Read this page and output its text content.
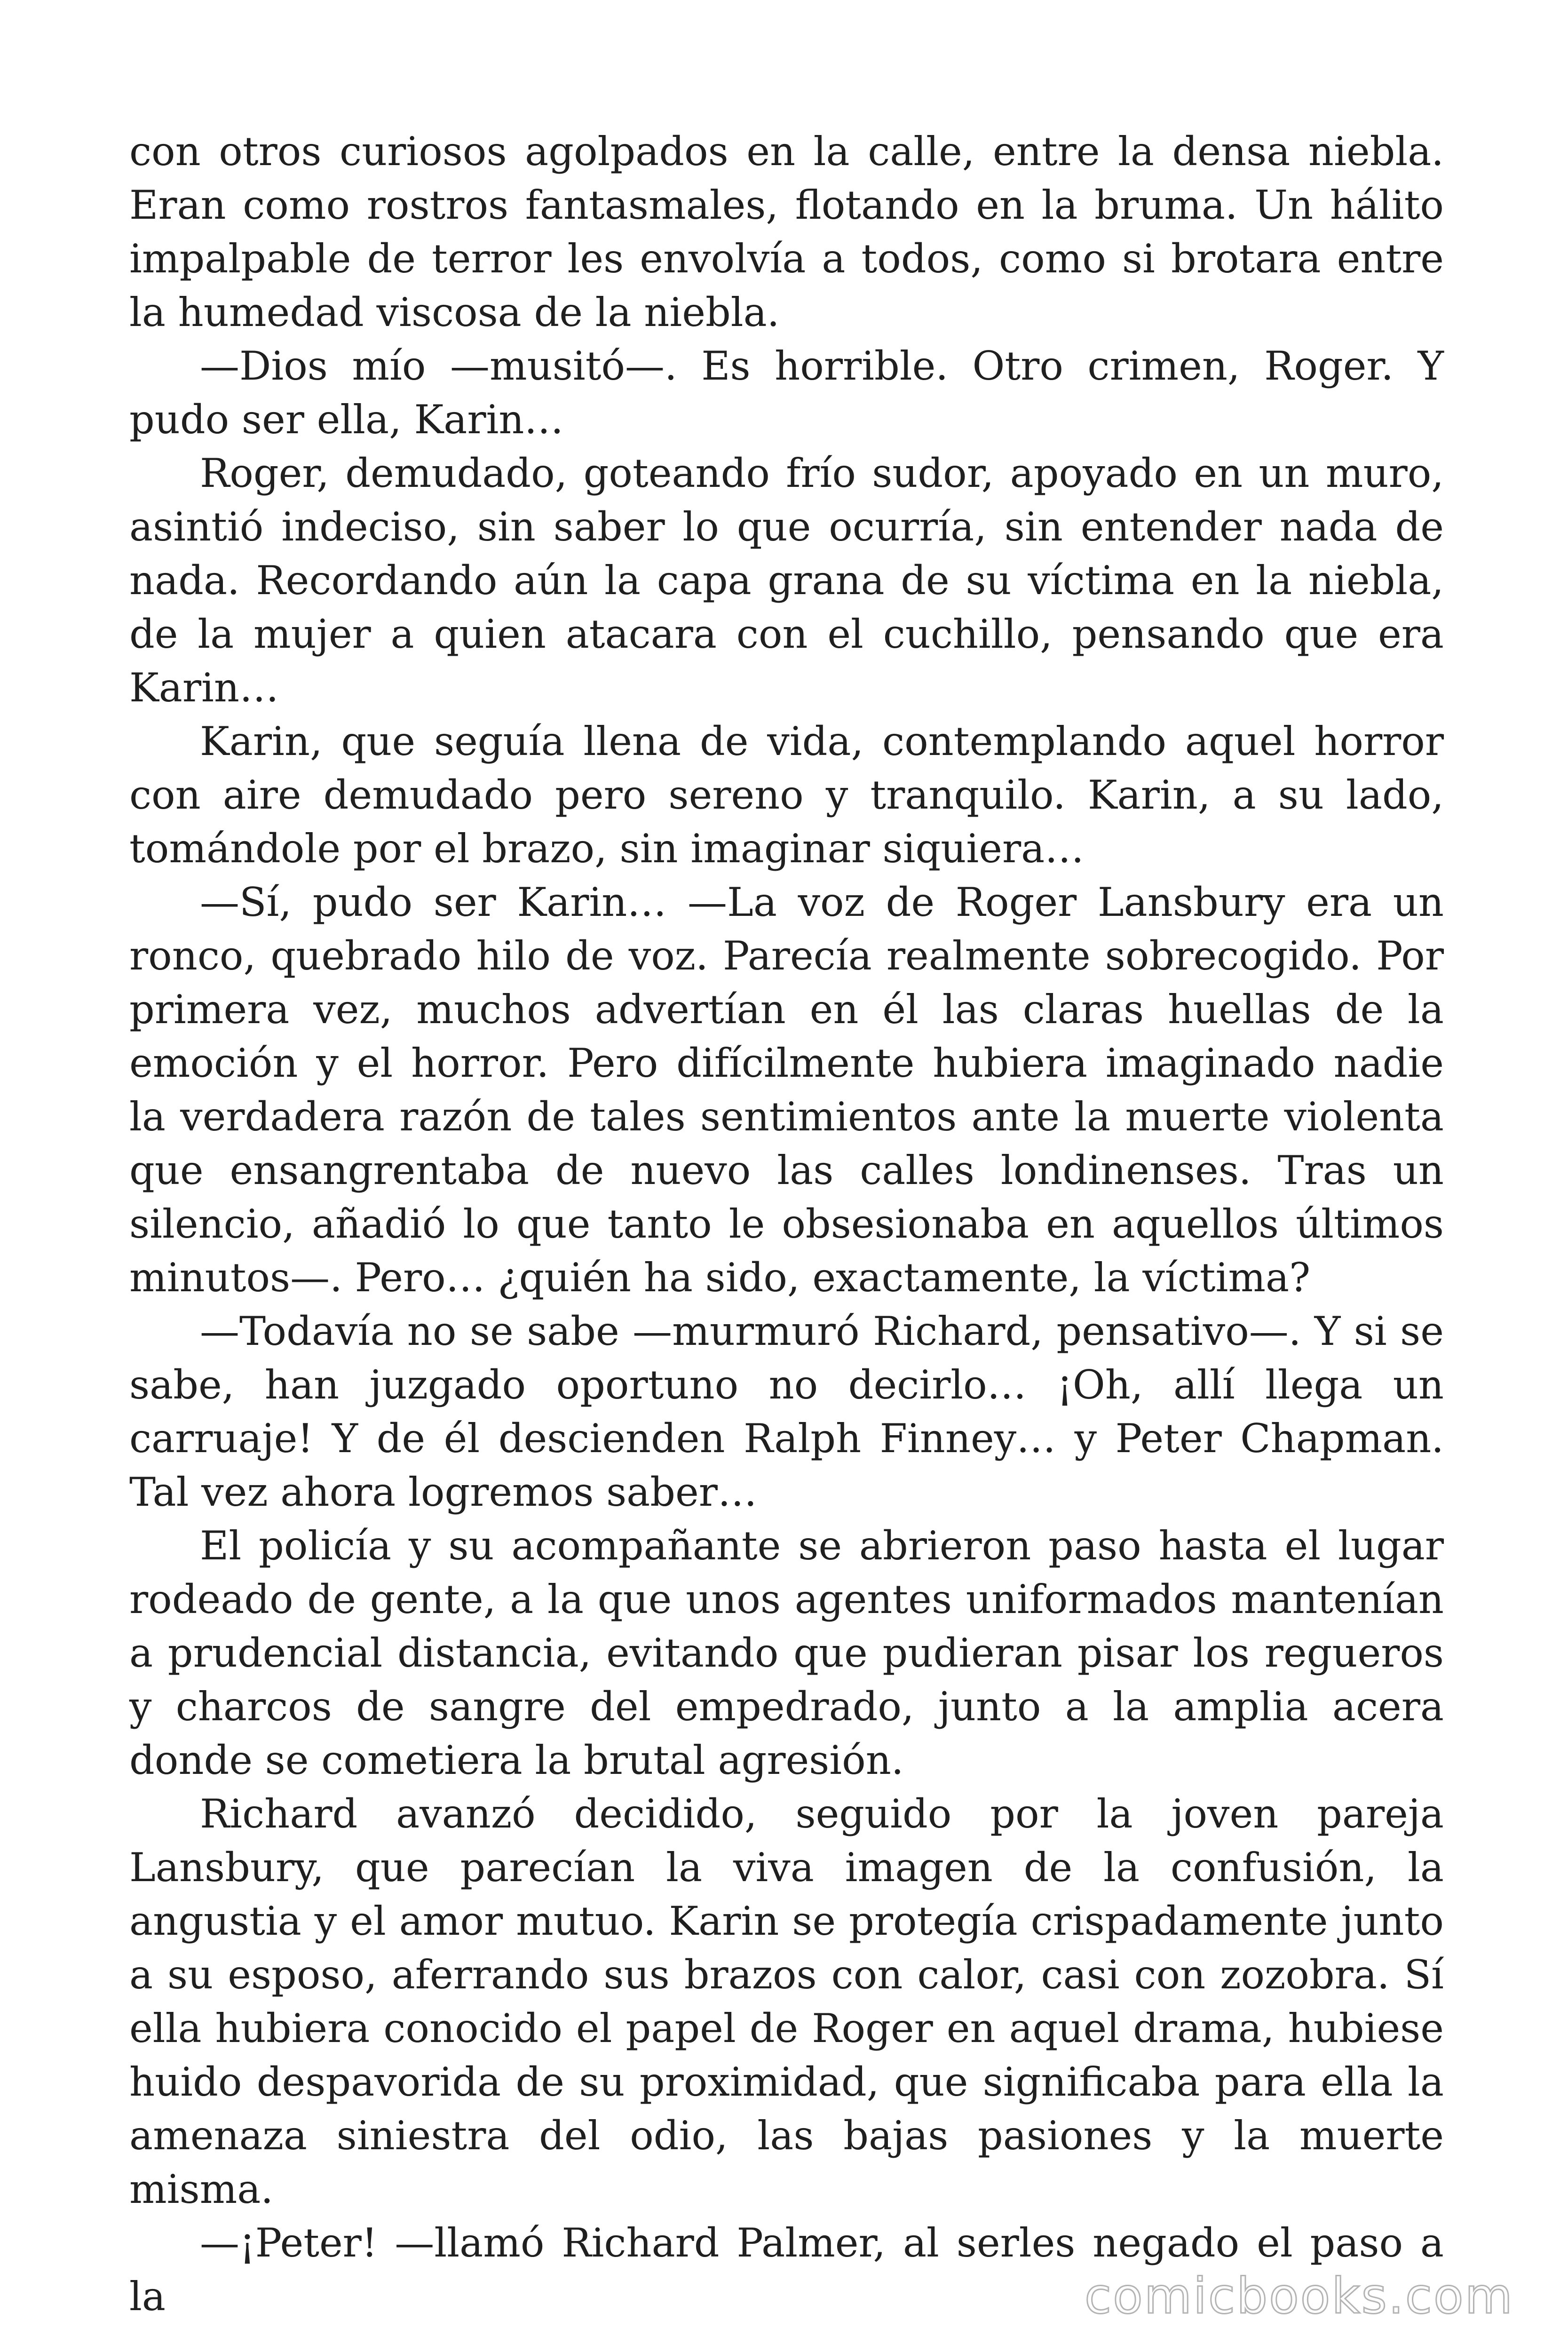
con otros curiosos agolpados en la calle, entre la densa niebla. Eran como rostros fantasmales, flotando en la bruma. Un hálito impalpable de terror les envolvía a todos, como si brotara entre la humedad viscosa de la niebla.

—Dios mío —musitó—. Es horrible. Otro crimen, Roger. Y pudo ser ella, Karin…

Roger, demudado, goteando frío sudor, apoyado en un muro, asintió indeciso, sin saber lo que ocurría, sin entender nada de nada. Recordando aún la capa grana de su víctima en la niebla, de la mujer a quien atacara con el cuchillo, pensando que era Karin…

Karin, que seguía llena de vida, contemplando aquel horror con aire demudado pero sereno y tranquilo. Karin, a su lado, tomándole por el brazo, sin imaginar siquiera…

—Sí, pudo ser Karin… —La voz de Roger Lansbury era un ronco, quebrado hilo de voz. Parecía realmente sobrecogido. Por primera vez, muchos advertían en él las claras huellas de la emoción y el horror. Pero difícilmente hubiera imaginado nadie la verdadera razón de tales sentimientos ante la muerte violenta que ensangrentaba de nuevo las calles londinenses. Tras un silencio, añadió lo que tanto le obsesionaba en aquellos últimos minutos—. Pero… ¿quién ha sido, exactamente, la víctima?

—Todavía no se sabe —murmuró Richard, pensativo—. Y si se sabe, han juzgado oportuno no decirlo… ¡Oh, allí llega un carruaje! Y de él descienden Ralph Finney… y Peter Chapman. Tal vez ahora logremos saber…

El policía y su acompañante se abrieron paso hasta el lugar rodeado de gente, a la que unos agentes uniformados mantenían a prudencial distancia, evitando que pudieran pisar los regueros y charcos de sangre del empedrado, junto a la amplia acera donde se cometiera la brutal agresión.

Richard avanzó decidido, seguido por la joven pareja Lansbury, que parecían la viva imagen de la confusión, la angustia y el amor mutuo. Karin se protegía crispadamente junto a su esposo, aferrando sus brazos con calor, casi con zozobra. Sí ella hubiera conocido el papel de Roger en aquel drama, hubiese huido despavorida de su proximidad, que significaba para ella la amenaza siniestra del odio, las bajas pasiones y la muerte misma.

—¡Peter! —llamó Richard Palmer, al serles negado el paso a la	comicbooks.com
